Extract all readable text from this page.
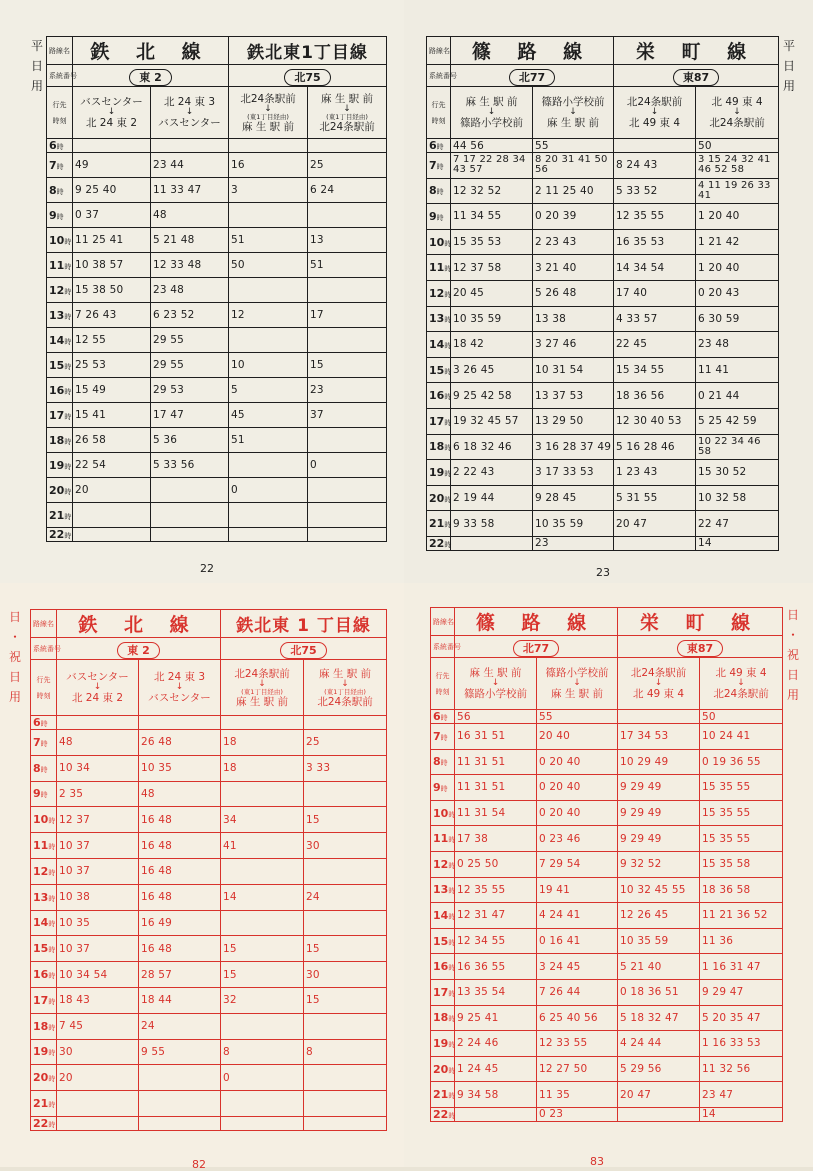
平
日
用
路線名	鉄 北 線		鉄北東1丁目線	
系統番号	東 2		北75	
行先

時刻	バスセンター
↓
北 24 東 2	北 24 東 3
↓
バスセンター	北24条駅前
↓
(東1丁目経由)
麻 生 駅 前	麻 生 駅 前
↓
(東1丁目経由)
北24条駅前
6時				
7時	49	23 44	16	25
8時	9 25 40	11 33 47	3	6 24
9時	0 37	48		
10時	11 25 41	5 21 48	51	13
11時	10 38 57	12 33 48	50	51
12時	15 38 50	23 48		
13時	7 26 43	6 23 52	12	17
14時	12 55	29 55		
15時	25 53	29 55	10	15
16時	15 49	29 53	5	23
17時	15 41	17 47	45	37
18時	26 58	5 36	51	
19時	22 54	5 33 56		0
20時	20		0	
21時				
22時				
22
平
日
用
路線名	篠 路 線		栄 町 線	
系統番号	北77		東87	
行先

時刻	麻 生 駅 前
↓
篠路小学校前	篠路小学校前
↓
麻 生 駅 前	北24条駅前
↓
北 49 東 4	北 49 東 4
↓
北24条駅前
6時	44 56	55		50
7時	7 17 22 28 34 43 57	8 20 31 41 50 56	8 24 43	3 15 24 32 41 46 52 58
8時	12 32 52	2 11 25 40	5 33 52	4 11 19 26 33 41
9時	11 34 55	0 20 39	12 35 55	1 20 40
10時	15 35 53	2 23 43	16 35 53	1 21 42
11時	12 37 58	3 21 40	14 34 54	1 20 40
12時	20 45	5 26 48	17 40	0 20 43
13時	10 35 59	13 38	4 33 57	6 30 59
14時	18 42	3 27 46	22 45	23 48
15時	3 26 45	10 31 54	15 34 55	11 41
16時	9 25 42 58	13 37 53	18 36 56	0 21 44
17時	19 32 45 57	13 29 50	12 30 40 53	5 25 42 59
18時	6 18 32 46	3 16 28 37 49	5 16 28 46	10 22 34 46 58
19時	2 22 43	3 17 33 53	1 23 43	15 30 52
20時	2 19 44	9 28 45	5 31 55	10 32 58
21時	9 33 58	10 35 59	20 47	22 47
22時		23		14
23
日
・
祝
日
用
路線名	鉄 北 線		鉄北東 1 丁目線	
系統番号	東 2		北75	
行先

時刻	バスセンター
↓
北 24 東 2	北 24 東 3
↓
バスセンター	北24条駅前
↓
(東1丁目経由)
麻 生 駅 前	麻 生 駅 前
↓
(東1丁目経由)
北24条駅前
6時				
7時	48	26 48	18	25
8時	10 34	10 35	18	3 33
9時	2 35	48		
10時	12 37	16 48	34	15
11時	10 37	16 48	41	30
12時	10 37	16 48		
13時	10 38	16 48	14	24
14時	10 35	16 49		
15時	10 37	16 48	15	15
16時	10 34 54	28 57	15	30
17時	18 43	18 44	32	15
18時	7 45	24		
19時	30	9 55	8	8
20時	20		0	
21時				
22時				
82
日
・
祝
日
用
路線名	篠 路 線		栄 町 線	
系統番号	北77		東87	
行先

時刻	麻 生 駅 前
↓
篠路小学校前	篠路小学校前
↓
麻 生 駅 前	北24条駅前
↓
北 49 東 4	北 49 東 4
↓
北24条駅前
6時	56	55		50
7時	16 31 51	20 40	17 34 53	10 24 41
8時	11 31 51	0 20 40	10 29 49	0 19 36 55
9時	11 31 51	0 20 40	9 29 49	15 35 55
10時	11 31 54	0 20 40	9 29 49	15 35 55
11時	17 38	0 23 46	9 29 49	15 35 55
12時	0 25 50	7 29 54	9 32 52	15 35 58
13時	12 35 55	19 41	10 32 45 55	18 36 58
14時	12 31 47	4 24 41	12 26 45	11 21 36 52
15時	12 34 55	0 16 41	10 35 59	11 36
16時	16 36 55	3 24 45	5 21 40	1 16 31 47
17時	13 35 54	7 26 44	0 18 36 51	9 29 47
18時	9 25 41	6 25 40 56	5 18 32 47	5 20 35 47
19時	2 24 46	12 33 55	4 24 44	1 16 33 53
20時	1 24 45	12 27 50	5 29 56	11 32 56
21時	9 34 58	11 35	20 47	23 47
22時		0 23		14
83
